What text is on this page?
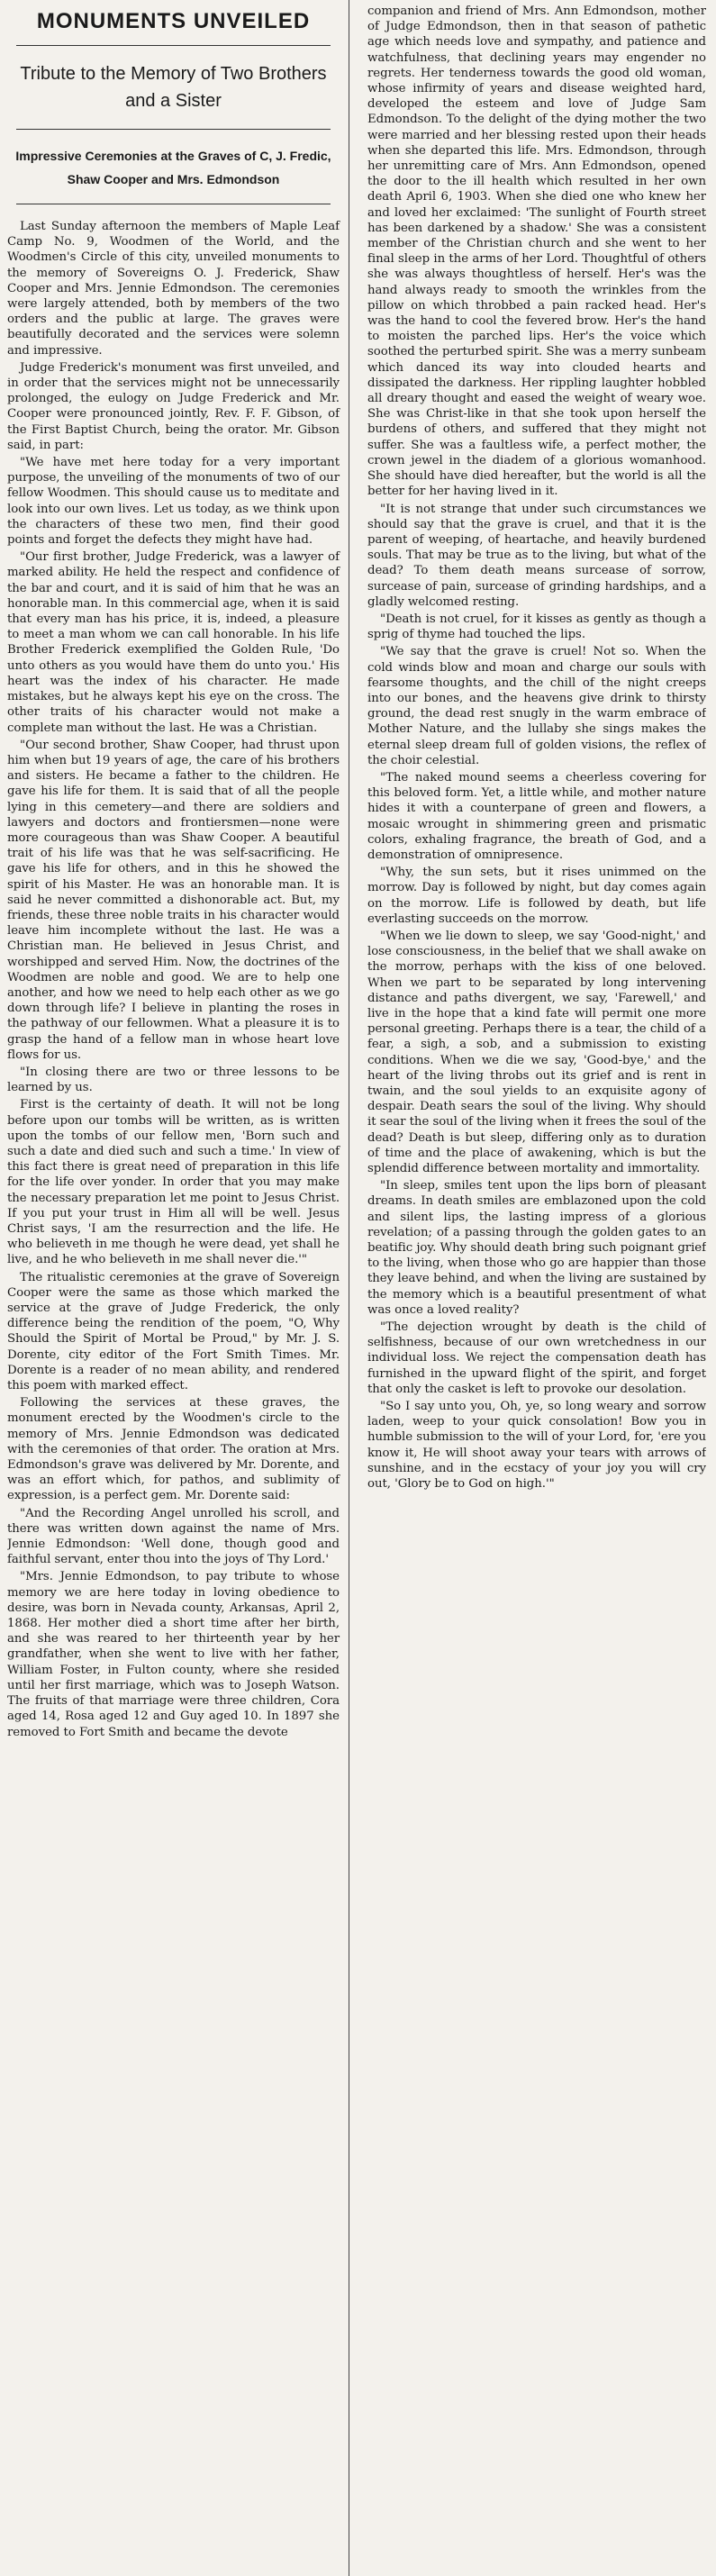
MONUMENTS UNVEILED
Tribute to the Memory of Two Brothers and a Sister
Impressive Ceremonies at the Graves of C, J. Fredic, Shaw Cooper and Mrs. Edmondson

Last Sunday afternoon the members of Maple Leaf Camp No. 9, Woodmen of the World, and the Woodmen's Circle of this city, unveiled monuments to the memory of Sovereigns O. J. Frederick, Shaw Cooper and Mrs. Jennie Edmondson. The ceremonies were largely attended, both by members of the two orders and the public at large. The graves were beautifully decorated and the services were solemn and impressive.

Judge Frederick's monument was first unveiled, and in order that the services might not be unnecessarily prolonged, the eulogy on Judge Frederick and Mr. Cooper were pronounced jointly, Rev. F. F. Gibson, of the First Baptist Church, being the orator. Mr. Gibson said, in part:

"We have met here today for a very important purpose, the unveiling of the monuments of two of our fellow Woodmen. This should cause us to meditate and look into our own lives. Let us today, as we think upon the characters of these two men, find their good points and forget the defects they might have had.

"Our first brother, Judge Frederick, was a lawyer of marked ability. He held the respect and confidence of the bar and court, and it is said of him that he was an honorable man. In this commercial age, when it is said that every man has his price, it is, indeed, a pleasure to meet a man whom we can call honorable. In his life Brother Frederick exemplified the Golden Rule, 'Do unto others as you would have them do unto you.' His heart was the index of his character. He made mistakes, but he always kept his eye on the cross. The other traits of his character would not make a complete man without the last. He was a Christian.

"Our second brother, Shaw Cooper, had thrust upon him when but 19 years of age, the care of his brothers and sisters. He became a father to the children. He gave his life for them. It is said that of all the people lying in this cemetery—and there are soldiers and lawyers and doctors and frontiersmen—none were more courageous than was Shaw Cooper. A beautiful trait of his life was that he was self-sacrificing. He gave his life for others, and in this he showed the spirit of his Master. He was an honorable man. It is said he never committed a dishonorable act. But, my friends, these three noble traits in his character would leave him incomplete without the last. He was a Christian man. He believed in Jesus Christ, and worshipped and served Him. Now, the doctrines of the Woodmen are noble and good. We are to help one another, and how we need to help each other as we go down through life? I believe in planting the roses in the pathway of our fellowmen. What a pleasure it is to grasp the hand of a fellow man in whose heart love flows for us.

"In closing there are two or three lessons to be learned by us.

First is the certainty of death. It will not be long before upon our tombs will be written, as is written upon the tombs of our fellow men, 'Born such and such a date and died such and such a time.' In view of this fact there is great need of preparation in this life for the life over yonder. In order that you may make the necessary preparation let me point to Jesus Christ. If you put your trust in Him all will be well. Jesus Christ says, 'I am the resurrection and the life. He who believeth in me though he were dead, yet shall he live, and he who believeth in me shall never die.'"

The ritualistic ceremonies at the grave of Sovereign Cooper were the same as those which marked the service at the grave of Judge Frederick, the only difference being the rendition of the poem, "O, Why Should the Spirit of Mortal be Proud," by Mr. J. S. Dorente, city editor of the Fort Smith Times. Mr. Dorente is a reader of no mean ability, and rendered this poem with marked effect.

Following the services at these graves, the monument erected by the Woodmen's circle to the memory of Mrs. Jennie Edmondson was dedicated with the ceremonies of that order. The oration at Mrs. Edmondson's grave was delivered by Mr. Dorente, and was an effort which, for pathos, and sublimity of expression, is a perfect gem. Mr. Dorente said:

"And the Recording Angel unrolled his scroll, and there was written down against the name of Mrs. Jennie Edmondson: 'Well done, though good and faithful servant, enter thou into the joys of Thy Lord.'

"Mrs. Jennie Edmondson, to pay tribute to whose memory we are here today in loving obedience to desire, was born in Nevada county, Arkansas, April 2, 1868. Her mother died a short time after her birth, and she was reared to her thirteenth year by her grandfather, when she went to live with her father, William Foster, in Fulton county, where she resided until her first marriage, which was to Joseph Watson. The fruits of that marriage were three children, Cora aged 14, Rosa aged 12 and Guy aged 10. In 1897 she removed to Fort Smith and became the devote

companion and friend of Mrs. Ann Edmondson, mother of Judge Edmondson, then in that season of pathetic age which needs love and sympathy, and patience and watchfulness, that declining years may engender no regrets. Her tenderness towards the good old woman, whose infirmity of years and disease weighted hard, developed the esteem and love of Judge Sam Edmondson. To the delight of the dying mother the two were married and her blessing rested upon their heads when she departed this life. Mrs. Edmondson, through her unremitting care of Mrs. Ann Edmondson, opened the door to the ill health which resulted in her own death April 6, 1903. When she died one who knew her and loved her exclaimed: 'The sunlight of Fourth street has been darkened by a shadow.' She was a consistent member of the Christian church and she went to her final sleep in the arms of her Lord. Thoughtful of others she was always thoughtless of herself. Her's was the hand always ready to smooth the wrinkles from the pillow on which throbbed a pain racked head. Her's was the hand to cool the fevered brow. Her's the hand to moisten the parched lips. Her's the voice which soothed the perturbed spirit. She was a merry sunbeam which danced its way into clouded hearts and dissipated the darkness. Her rippling laughter hobbled all dreary thought and eased the weight of weary woe. She was Christ-like in that she took upon herself the burdens of others, and suffered that they might not suffer. She was a faultless wife, a perfect mother, the crown jewel in the diadem of a glorious womanhood. She should have died hereafter, but the world is all the better for her having lived in it.

"It is not strange that under such circumstances we should say that the grave is cruel, and that it is the parent of weeping, of heartache, and heavily burdened souls. That may be true as to the living, but what of the dead? To them death means surcease of sorrow, surcease of pain, surcease of grinding hardships, and a gladly welcomed resting.

"Death is not cruel, for it kisses as gently as though a sprig of thyme had touched the lips.

"We say that the grave is cruel! Not so. When the cold winds blow and moan and charge our souls with fearsome thoughts, and the chill of the night creeps into our bones, and the heavens give drink to thirsty ground, the dead rest snugly in the warm embrace of Mother Nature, and the lullaby she sings makes the eternal sleep dream full of golden visions, the reflex of the choir celestial.

"The naked mound seems a cheerless covering for this beloved form. Yet, a little while, and mother nature hides it with a counterpane of green and flowers, a mosaic wrought in shimmering green and prismatic colors, exhaling fragrance, the breath of God, and a demonstration of omnipresence.

"Why, the sun sets, but it rises unimmed on the morrow. Day is followed by night, but day comes again on the morrow. Life is followed by death, but life everlasting succeeds on the morrow.

"When we lie down to sleep, we say 'Good-night,' and lose consciousness, in the belief that we shall awake on the morrow, perhaps with the kiss of one beloved. When we part to be separated by long intervening distance and paths divergent, we say, 'Farewell,' and live in the hope that a kind fate will permit one more personal greeting. Perhaps there is a tear, the child of a fear, a sigh, a sob, and a submission to existing conditions. When we die we say, 'Good-bye,' and the heart of the living throbs out its grief and is rent in twain, and the soul yields to an exquisite agony of despair. Death sears the soul of the living. Why should it sear the soul of the living when it frees the soul of the dead? Death is but sleep, differing only as to duration of time and the place of awakening, which is but the splendid difference between mortality and immortality.

"In sleep, smiles tent upon the lips born of pleasant dreams. In death smiles are emblazoned upon the cold and silent lips, the lasting impress of a glorious revelation; of a passing through the golden gates to an beatific joy. Why should death bring such poignant grief to the living, when those who go are happier than those they leave behind, and when the living are sustained by the memory which is a beautiful presentment of what was once a loved reality?

"The dejection wrought by death is the child of selfishness, because of our own wretchedness in our individual loss. We reject the compensation death has furnished in the upward flight of the spirit, and forget that only the casket is left to provoke our desolation.

"So I say unto you, Oh, ye, so long weary and sorrow laden, weep to your quick consolation! Bow you in humble submission to the will of your Lord, for, 'ere you know it, He will shoot away your tears with arrows of sunshine, and in the ecstacy of your joy you will cry out, 'Glory be to God on high.'"
